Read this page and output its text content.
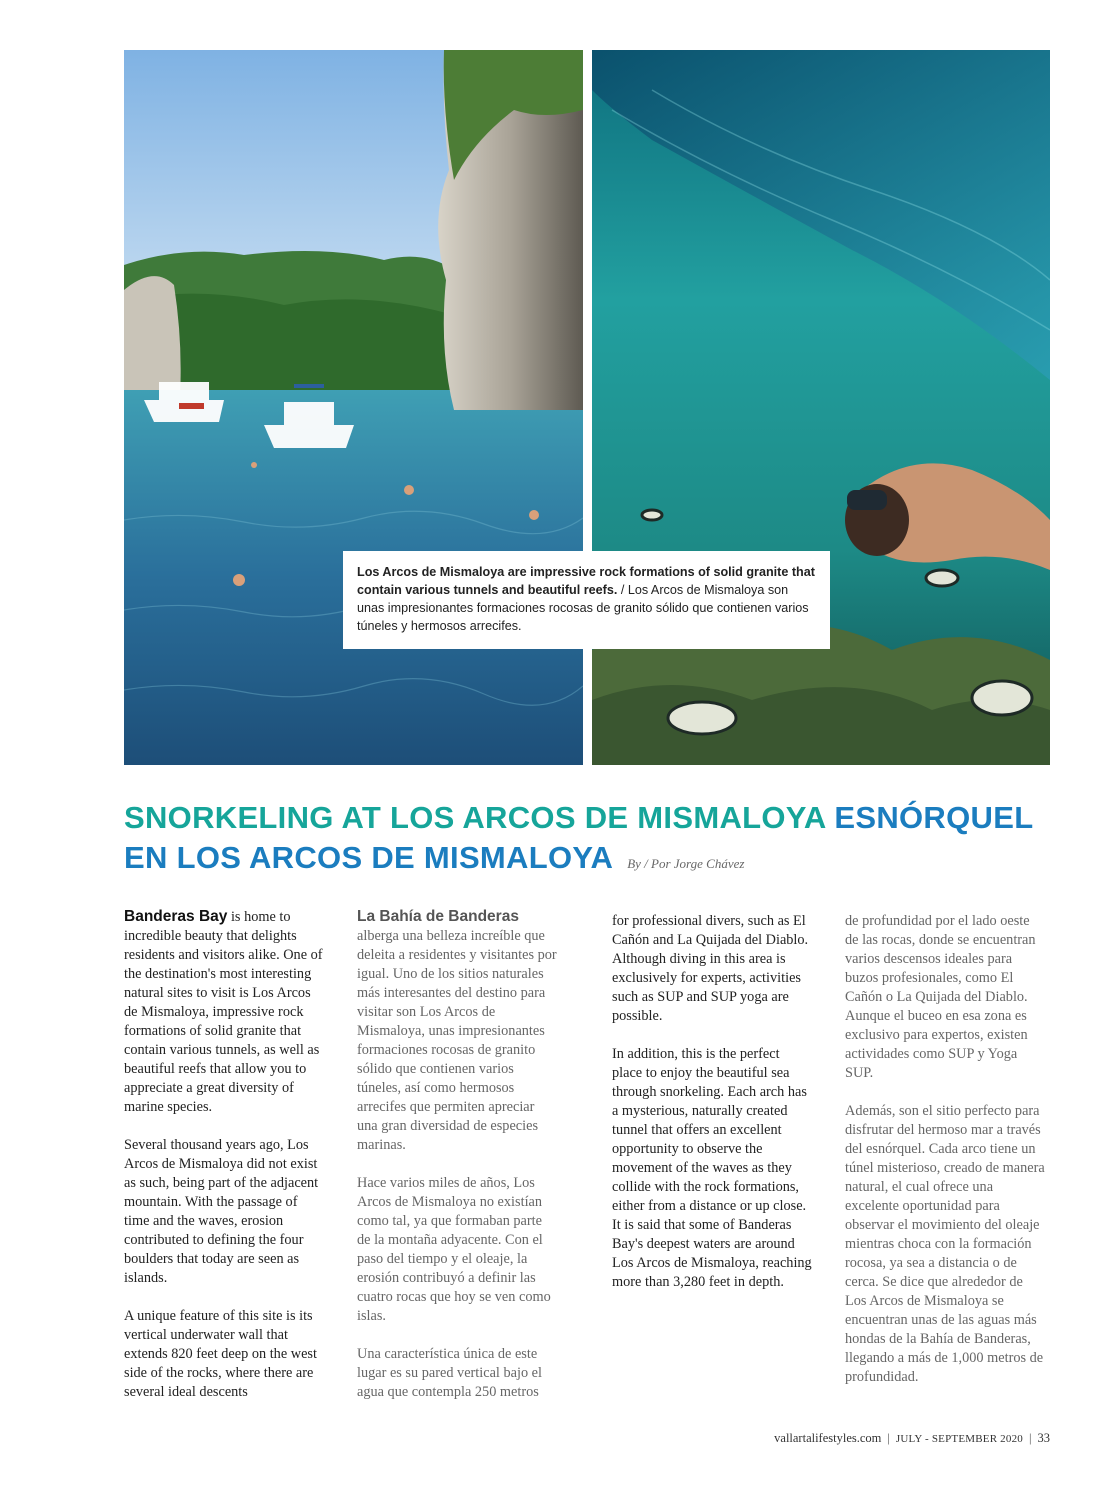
Los Arcos de Mismaloya are impressive rock formations of solid granite that contain various tunnels and beautiful reefs. / Los Arcos de Mismaloya son unas impresionantes formaciones rocosas de granito sólido que contienen varios túneles y hermosos arrecifes.
SNORKELING AT LOS ARCOS DE MISMALOYA ESNÓRQUEL EN LOS ARCOS DE MISMALOYA By / Por Jorge Chávez

Banderas Bay is home to incredible beauty that delights residents and visitors alike. One of the destination's most interesting natural sites to visit is Los Arcos de Mismaloya, impressive rock formations of solid granite that contain various tunnels, as well as beautiful reefs that allow you to appreciate a great diversity of marine species.

Several thousand years ago, Los Arcos de Mismaloya did not exist as such, being part of the adjacent mountain. With the passage of time and the waves, erosion contributed to defining the four boulders that today are seen as islands.

A unique feature of this site is its vertical underwater wall that extends 820 feet deep on the west side of the rocks, where there are several ideal descents

La Bahía de Banderas
alberga una belleza increíble que deleita a residentes y visitantes por igual. Uno de los sitios naturales más interesantes del destino para visitar son Los Arcos de Mismaloya, unas impresionantes formaciones rocosas de granito sólido que contienen varios túneles, así como hermosos arrecifes que permiten apreciar una gran diversidad de especies marinas.

Hace varios miles de años, Los Arcos de Mismaloya no existían como tal, ya que formaban parte de la montaña adyacente. Con el paso del tiempo y el oleaje, la erosión contribuyó a definir las cuatro rocas que hoy se ven como islas.

Una característica única de este lugar es su pared vertical bajo el agua que contempla 250 metros

for professional divers, such as El Cañón and La Quijada del Diablo. Although diving in this area is exclusively for experts, activities such as SUP and SUP yoga are possible.

In addition, this is the perfect place to enjoy the beautiful sea through snorkeling. Each arch has a mysterious, naturally created tunnel that offers an excellent opportunity to observe the movement of the waves as they collide with the rock formations, either from a distance or up close. It is said that some of Banderas Bay's deepest waters are around Los Arcos de Mismaloya, reaching more than 3,280 feet in depth.

de profundidad por el lado oeste de las rocas, donde se encuentran varios descensos ideales para buzos profesionales, como El Cañón o La Quijada del Diablo. Aunque el buceo en esa zona es exclusivo para expertos, existen actividades como SUP y Yoga SUP.

Además, son el sitio perfecto para disfrutar del hermoso mar a través del esnórquel. Cada arco tiene un túnel misterioso, creado de manera natural, el cual ofrece una excelente oportunidad para observar el movimiento del oleaje mientras choca con la formación rocosa, ya sea a distancia o de cerca. Se dice que alrededor de Los Arcos de Mismaloya se encuentran unas de las aguas más hondas de la Bahía de Banderas, llegando a más de 1,000 metros de profundidad.

vallartalifestyles.com | JULY - SEPTEMBER 2020 | 33
